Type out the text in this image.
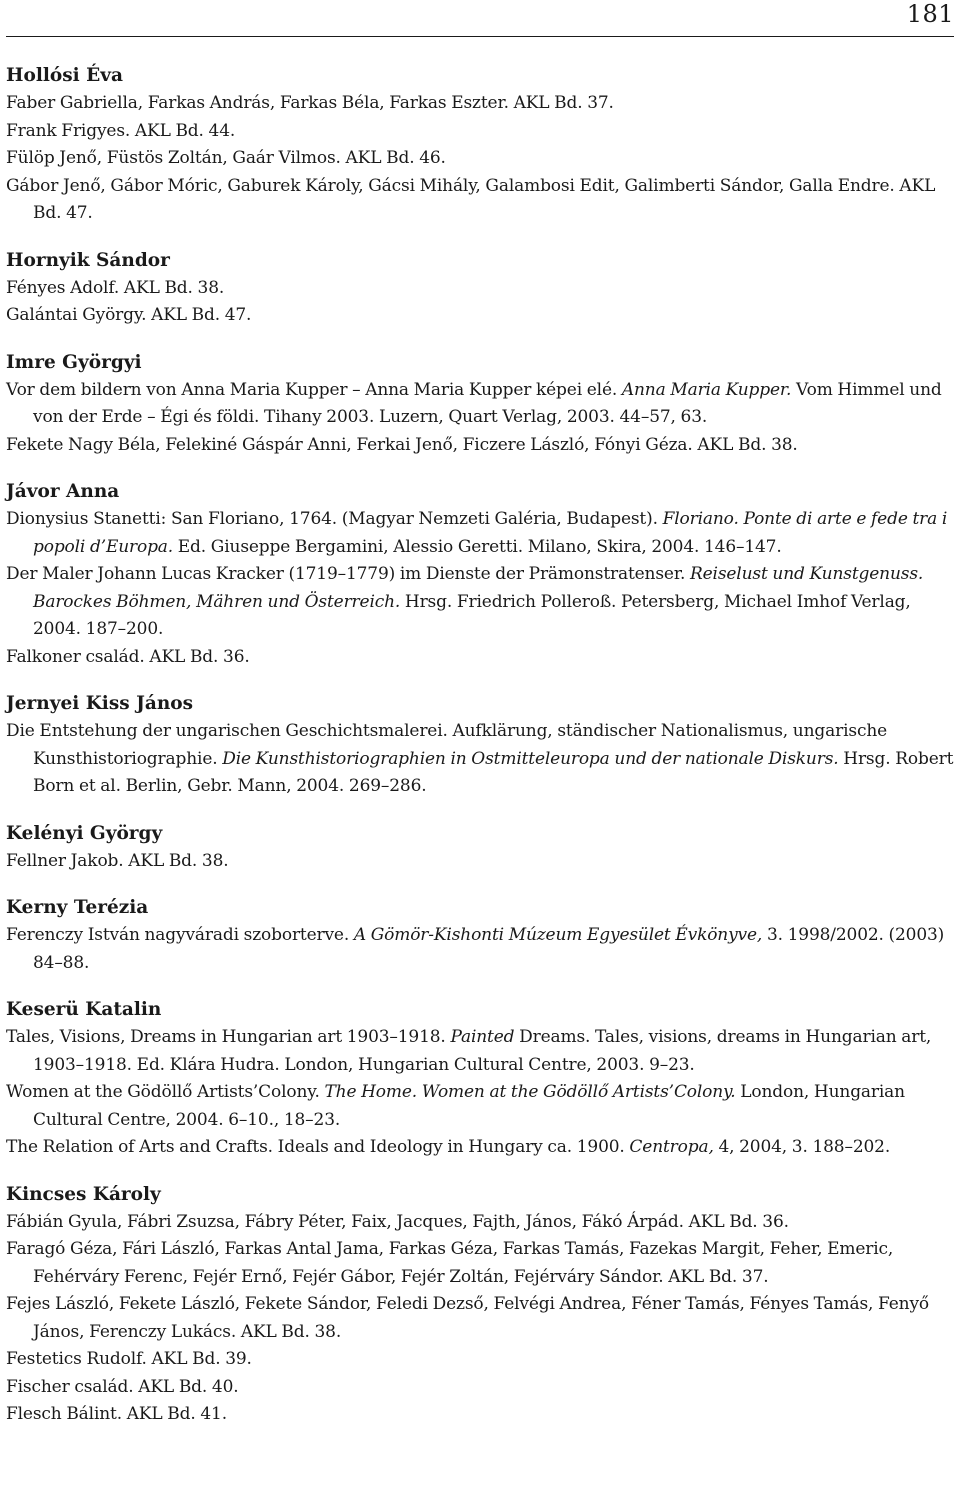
181
Hollósi Éva
Faber Gabriella, Farkas András, Farkas Béla, Farkas Eszter. AKL Bd. 37.
Frank Frigyes. AKL Bd. 44.
Fülöp Jenő, Füstös Zoltán, Gaár Vilmos. AKL Bd. 46.
Gábor Jenő, Gábor Móric, Gaburek Károly, Gácsi Mihály, Galambosi Edit, Galimberti Sándor, Galla Endre. AKL Bd. 47.
Hornyik Sándor
Fényes Adolf. AKL Bd. 38.
Galántai György. AKL Bd. 47.
Imre Györgyi
Vor dem bildern von Anna Maria Kupper – Anna Maria Kupper képei elé. Anna Maria Kupper. Vom Himmel und von der Erde – Égi és földi. Tihany 2003. Luzern, Quart Verlag, 2003. 44–57, 63.
Fekete Nagy Béla, Felekiné Gáspár Anni, Ferkai Jenő, Ficzere László, Fónyi Géza. AKL Bd. 38.
Jávor Anna
Dionysius Stanetti: San Floriano, 1764. (Magyar Nemzeti Galéria, Budapest). Floriano. Ponte di arte e fede tra i popoli d’Europa. Ed. Giuseppe Bergamini, Alessio Geretti. Milano, Skira, 2004. 146–147.
Der Maler Johann Lucas Kracker (1719–1779) im Dienste der Prämonstratenser. Reiselust und Kunstgenuss. Barockes Böhmen, Mähren und Österreich. Hrsg. Friedrich Polleroß. Petersberg, Michael Imhof Verlag, 2004. 187–200.
Falkoner család. AKL Bd. 36.
Jernyei Kiss János
Die Entstehung der ungarischen Geschichtsmalerei. Aufklärung, ständischer Nationalismus, ungarische Kunsthistoriographie. Die Kunsthistoriographien in Ostmitteleuropa und der nationale Diskurs. Hrsg. Robert Born et al. Berlin, Gebr. Mann, 2004. 269–286.
Kelényi György
Fellner Jakob. AKL Bd. 38.
Kerny Terézia
Ferenczy István nagyváradi szoborterve. A Gömör-Kishonti Múzeum Egyesület Évkönyve, 3. 1998/2002. (2003) 84–88.
Keserü Katalin
Tales, Visions, Dreams in Hungarian art 1903–1918. Painted Dreams. Tales, visions, dreams in Hungarian art, 1903–1918. Ed. Klára Hudra. London, Hungarian Cultural Centre, 2003. 9–23.
Women at the Gödöllő Artists’Colony. The Home. Women at the Gödöllő Artists’Colony. London, Hungarian Cultural Centre, 2004. 6–10., 18–23.
The Relation of Arts and Crafts. Ideals and Ideology in Hungary ca. 1900. Centropa, 4, 2004, 3. 188–202.
Kincses Károly
Fábián Gyula, Fábri Zsuzsa, Fábry Péter, Faix, Jacques, Fajth, János, Fákó Árpád. AKL Bd. 36.
Faragó Géza, Fári László, Farkas Antal Jama, Farkas Géza, Farkas Tamás, Fazekas Margit, Feher, Emeric, Fehérváry Ferenc, Fejér Ernő, Fejér Gábor, Fejér Zoltán, Fejérváry Sándor. AKL Bd. 37.
Fejes László, Fekete László, Fekete Sándor, Feledi Dezső, Felvégi Andrea, Féner Tamás, Fényes Tamás, Fenyő János, Ferenczy Lukács. AKL Bd. 38.
Festetics Rudolf. AKL Bd. 39.
Fischer család. AKL Bd. 40.
Flesch Bálint. AKL Bd. 41.
